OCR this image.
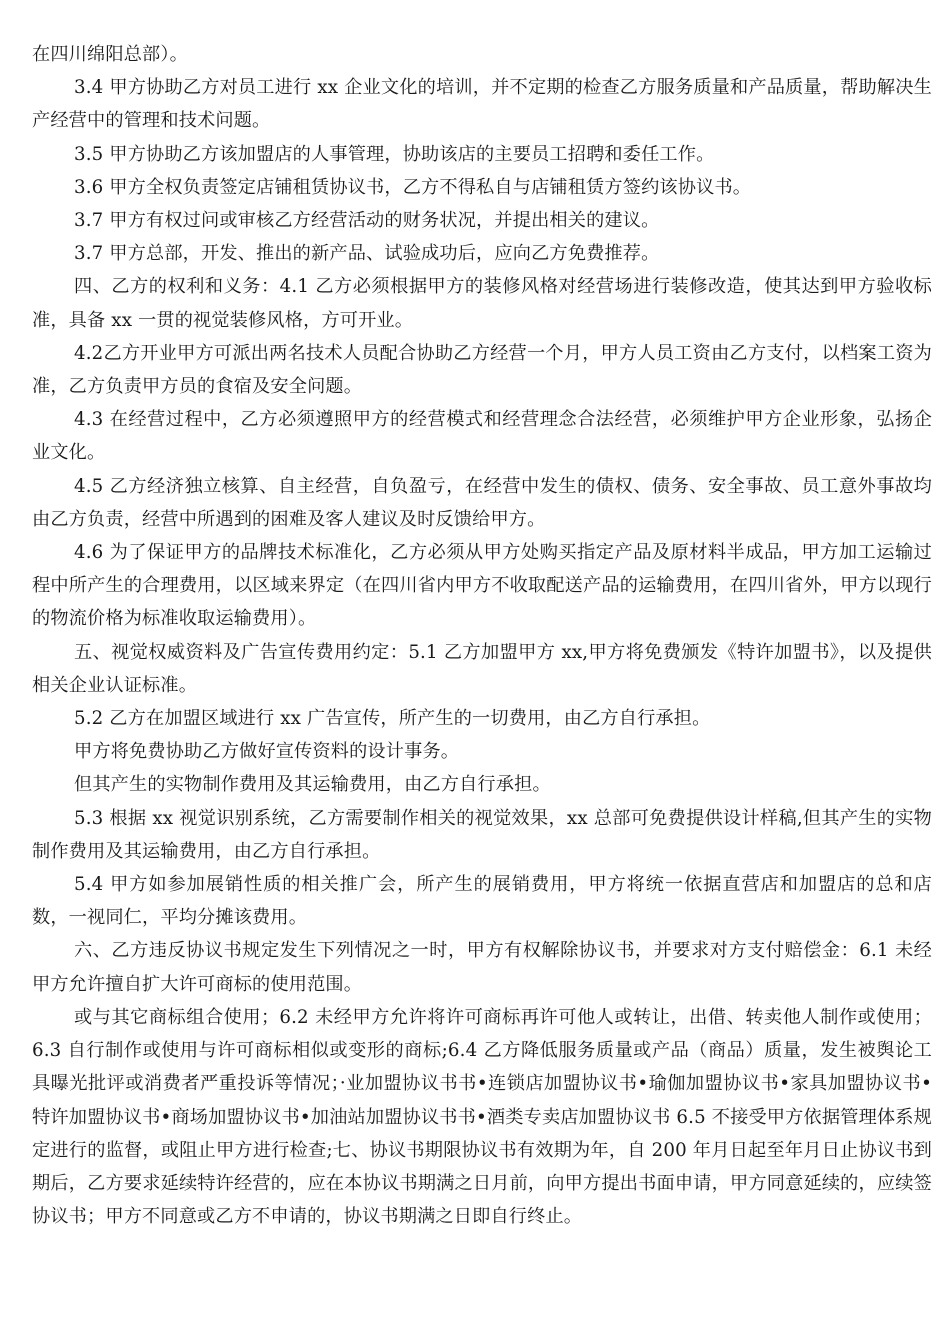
在四川绵阳总部）。

3.4 甲方协助乙方对员工进行 xx 企业文化的培训，并不定期的检查乙方服务质量和产品质量，帮助解决生产经营中的管理和技术问题。

3.5 甲方协助乙方该加盟店的人事管理，协助该店的主要员工招聘和委任工作。

3.6 甲方全权负责签定店铺租赁协议书，乙方不得私自与店铺租赁方签约该协议书。

3.7 甲方有权过问或审核乙方经营活动的财务状况，并提出相关的建议。

3.7 甲方总部，开发、推出的新产品、试验成功后，应向乙方免费推荐。

四、乙方的权利和义务：4.1 乙方必须根据甲方的装修风格对经营场进行装修改造，使其达到甲方验收标准，具备 xx 一贯的视觉装修风格，方可开业。

4.2乙方开业甲方可派出两名技术人员配合协助乙方经营一个月，甲方人员工资由乙方支付，以档案工资为准，乙方负责甲方员的食宿及安全问题。

4.3 在经营过程中，乙方必须遵照甲方的经营模式和经营理念合法经营，必须维护甲方企业形象，弘扬企业文化。

4.5 乙方经济独立核算、自主经营，自负盈亏，在经营中发生的债权、债务、安全事故、员工意外事故均由乙方负责，经营中所遇到的困难及客人建议及时反馈给甲方。

4.6 为了保证甲方的品牌技术标准化，乙方必须从甲方处购买指定产品及原材料半成品，甲方加工运输过程中所产生的合理费用，以区域来界定（在四川省内甲方不收取配送产品的运输费用，在四川省外，甲方以现行的物流价格为标准收取运输费用）。

五、视觉权威资料及广告宣传费用约定：5.1 乙方加盟甲方 xx,甲方将免费颁发《特许加盟书》，以及提供相关企业认证标准。

5.2 乙方在加盟区域进行 xx 广告宣传，所产生的一切费用，由乙方自行承担。

甲方将免费协助乙方做好宣传资料的设计事务。

但其产生的实物制作费用及其运输费用，由乙方自行承担。

5.3 根据 xx 视觉识别系统，乙方需要制作相关的视觉效果，xx 总部可免费提供设计样稿,但其产生的实物制作费用及其运输费用，由乙方自行承担。

5.4 甲方如参加展销性质的相关推广会，所产生的展销费用，甲方将统一依据直营店和加盟店的总和店数，一视同仁，平均分摊该费用。

六、乙方违反协议书规定发生下列情况之一时，甲方有权解除协议书，并要求对方支付赔偿金：6.1 未经甲方允许擅自扩大许可商标的使用范围。

或与其它商标组合使用；6.2 未经甲方允许将许可商标再许可他人或转让，出借、转卖他人制作或使用；6.3 自行制作或使用与许可商标相似或变形的商标;6.4 乙方降低服务质量或产品（商品）质量，发生被舆论工具曝光批评或消费者严重投诉等情况；·业加盟协议书书•连锁店加盟协议书•瑜伽加盟协议书•家具加盟协议书•特许加盟协议书•商场加盟协议书•加油站加盟协议书书•酒类专卖店加盟协议书 6.5 不接受甲方依据管理体系规定进行的监督，或阻止甲方进行检查;七、协议书期限协议书有效期为年，自 200 年月日起至年月日止协议书到期后，乙方要求延续特许经营的，应在本协议书期满之日月前，向甲方提出书面申请，甲方同意延续的，应续签协议书；甲方不同意或乙方不申请的，协议书期满之日即自行终止。
